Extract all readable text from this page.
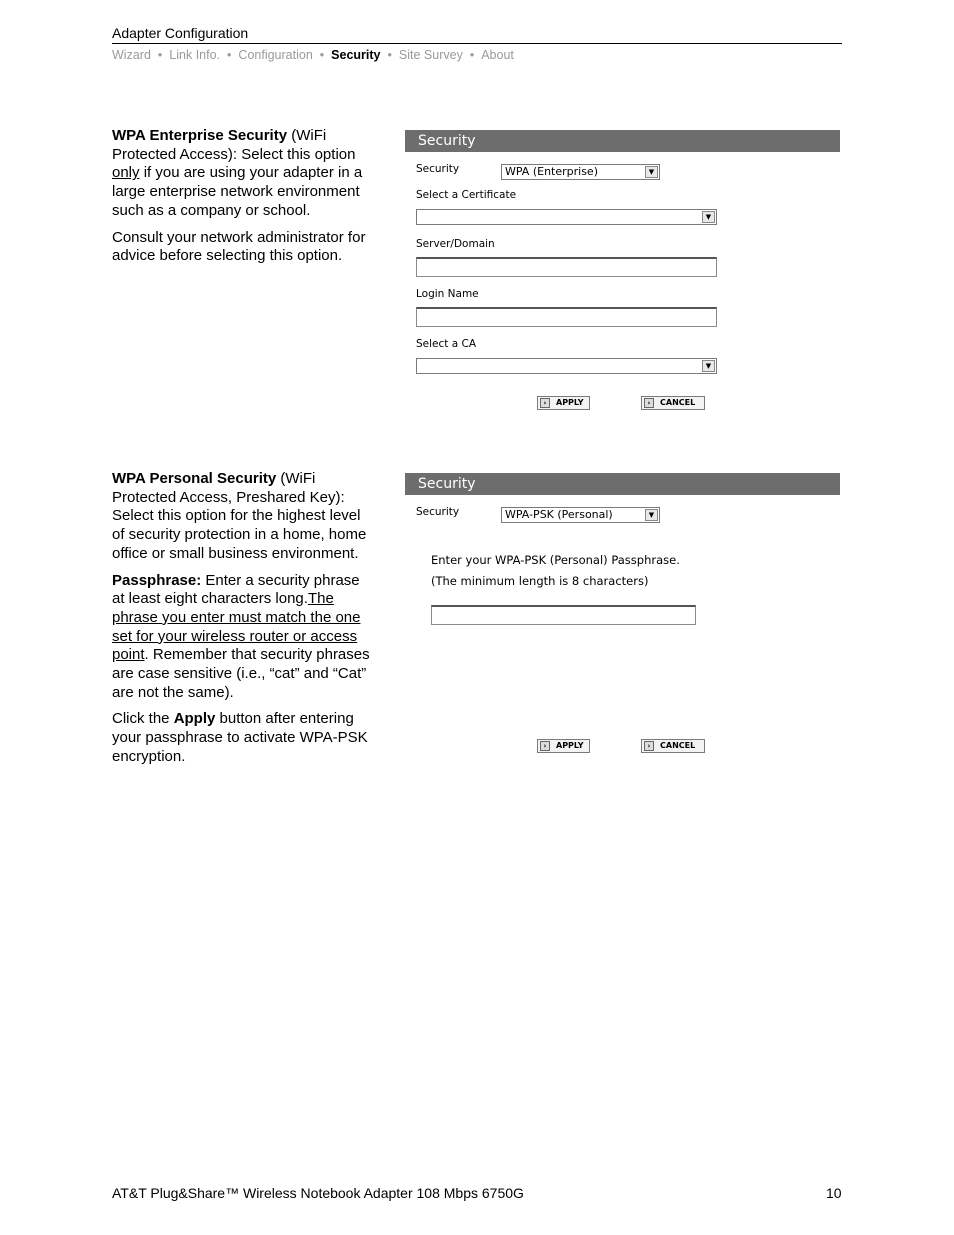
Adapter Configuration
Wizard • Link Info. • Configuration • Security • Site Survey • About

WPA Enterprise Security (WiFi Protected Access): Select this option only if you are using your adapter in a large enterprise network environment such as a company or school.

Consult your network administrator for advice before selecting this option.

Security
Security	WPA (Enterprise)	▼
Select a Certificate
▼
Server/Domain
Login Name
Select a CA
▼
›	APPLY	›	CANCEL

WPA Personal Security (WiFi Protected Access, Preshared Key): Select this option for the highest level of security protection in a home, home office or small business environment.

Passphrase: Enter a security phrase at least eight characters long.The phrase you enter must match the one set for your wireless router or access point. Remember that security phrases are case sensitive (i.e., “cat” and “Cat” are not the same).

Click the Apply button after entering your passphrase to activate WPA-PSK encryption.

Security
Security	WPA-PSK (Personal)	▼
Enter your WPA-PSK (Personal) Passphrase.
(The minimum length is 8 characters)
›	APPLY	›	CANCEL
AT&T Plug&Share™ Wireless Notebook Adapter 108 Mbps 6750G	10
